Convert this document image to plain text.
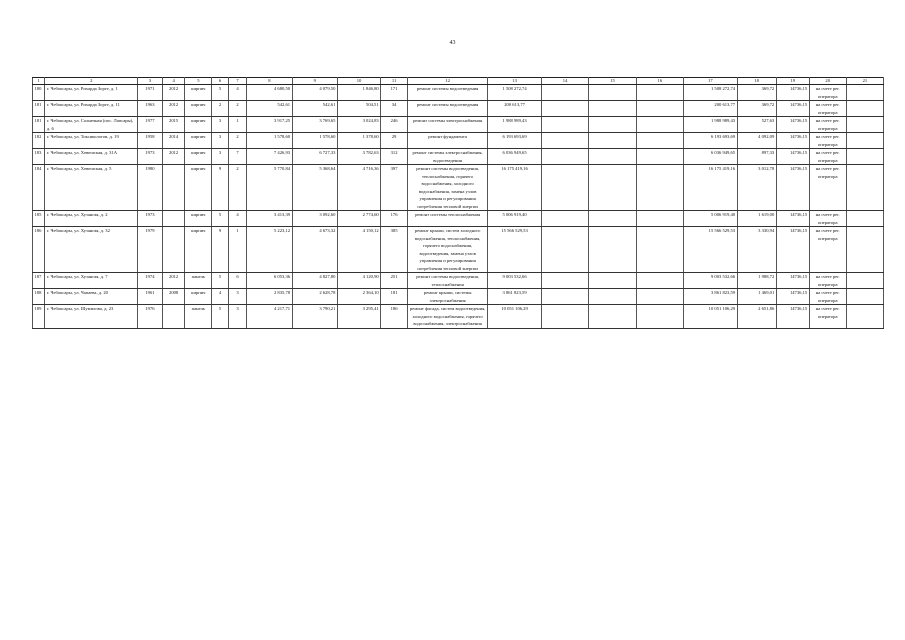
43
1	2	3	4	5	6	7	8	9	10	11	12	13	14	15	16	17	18	19	20	21
180	г. Чебоксары, ул. Рихарда Зорге, д. 1	1971	2012	кирпич	5	4	4 680,50	4 079,50	1 846,80	171	ремонт системы водоотведения	1 508 272,74				1 508 272,74	369,72	14736,15	на счете рег. оператора	
181	г. Чебоксары, ул. Рихарда Зорге, д. 11	1963	2012	кирпич	2	2	542,61	542,61	504,51	34	ремонт системы водоотведения	200 613,77				200 613,77	369,72	14736,15	на счете рег. оператора	
181	г. Чебоксары, ул. Солнечная (пос. Лапсары), д. 6	1977	2015	кирпич	3	1	3 917,25	3 769,65	3 024,83	246	ремонт системы электроснабжения	1 988 989,43				1 988 989,43	527,63	14736,15	на счете рег. оператора	
182	г. Чебоксары, ул. Токсикологов, д. 19	1958	2014	кирпич	3	2	1 578,60	1 578,60	1 378,60	29	ремонт фундамента	6 193 693,69				6 193 693,69	4 092,09	14736,15	на счете рег. оператора	
183	г. Чебоксары, ул. Хевешская, д. 31А	1973	2012	кирпич	3	7	7 426,93	6 727,33	3 782,63	312	ремонт системы электроснабжения, водоотведения	6 036 949,65				6 036 949,65	897,33	14736,15	на счете рег. оператора	
184	г. Чебоксары, ул. Хевешская, д. 5	1980		кирпич	9	2	5 770,84	5 368,64	4 716,36	397	ремонт системы водоотведения, теплоснабжения, горячего водоснабжения, холодного водоснабжения, замена узлов управления и регулирования потребления тепловой энергии	16 175 419,16				16 175 419,16	3 012,78	14736,15	на счете рег. оператора	
185	г. Чебоксары, ул. Хузангая, д. 2	1973		кирпич	5	4	3 413,39	3 092,60	2 774,60	176	ремонт системы теплоснабжения	5 006 919,40				5 006 919,40	1 619,00	14736,15	на счете рег. оператора	
186	г. Чебоксары, ул. Хузангая, д. 32	1979		кирпич	9	1	5 223,12	4 673,32	4 150,12	385	ремонт крыши, систем холодного водоснабжения, теплоснабжения, горячего водоснабжения, водоотведения, замена узлов управления и регулирования потребления тепловой энергии	15 566 529,53				15 566 529,53	3 330,94	14736,15	на счете рег. оператора	
187	г. Чебоксары, ул. Хузангая, д. 7	1974	2012	панель	5	6	6 053,36	4 827,80	4 120,90	251	ремонт системы водоотведения, теплоснабжения	9 003 532,66				9 003 532,66	1 988,72	14736,15	на счете рег. оператора	
188	г. Чебоксары, ул. Чапаева, д. 20	1961	2008	кирпич	4	3	2 835,78	2 628,78	2 364,10	181	ремонт крыши, системы электроснабжения	3 861 823,59				3 861 823,59	1 469,01	14736,15	на счете рег. оператора	
189	г. Чебоксары, ул. Шумилова, д. 23	1976		панель	5	3	4 217,71	3 790,21	3 295,41	186	ремонт фасада, систем водоотведения, холодного водоснабжения, горячего водоснабжения, электроснабжения	10 051 106,29				10 051 106,29	2 651,86	14736,15	на счете рег. оператора	
